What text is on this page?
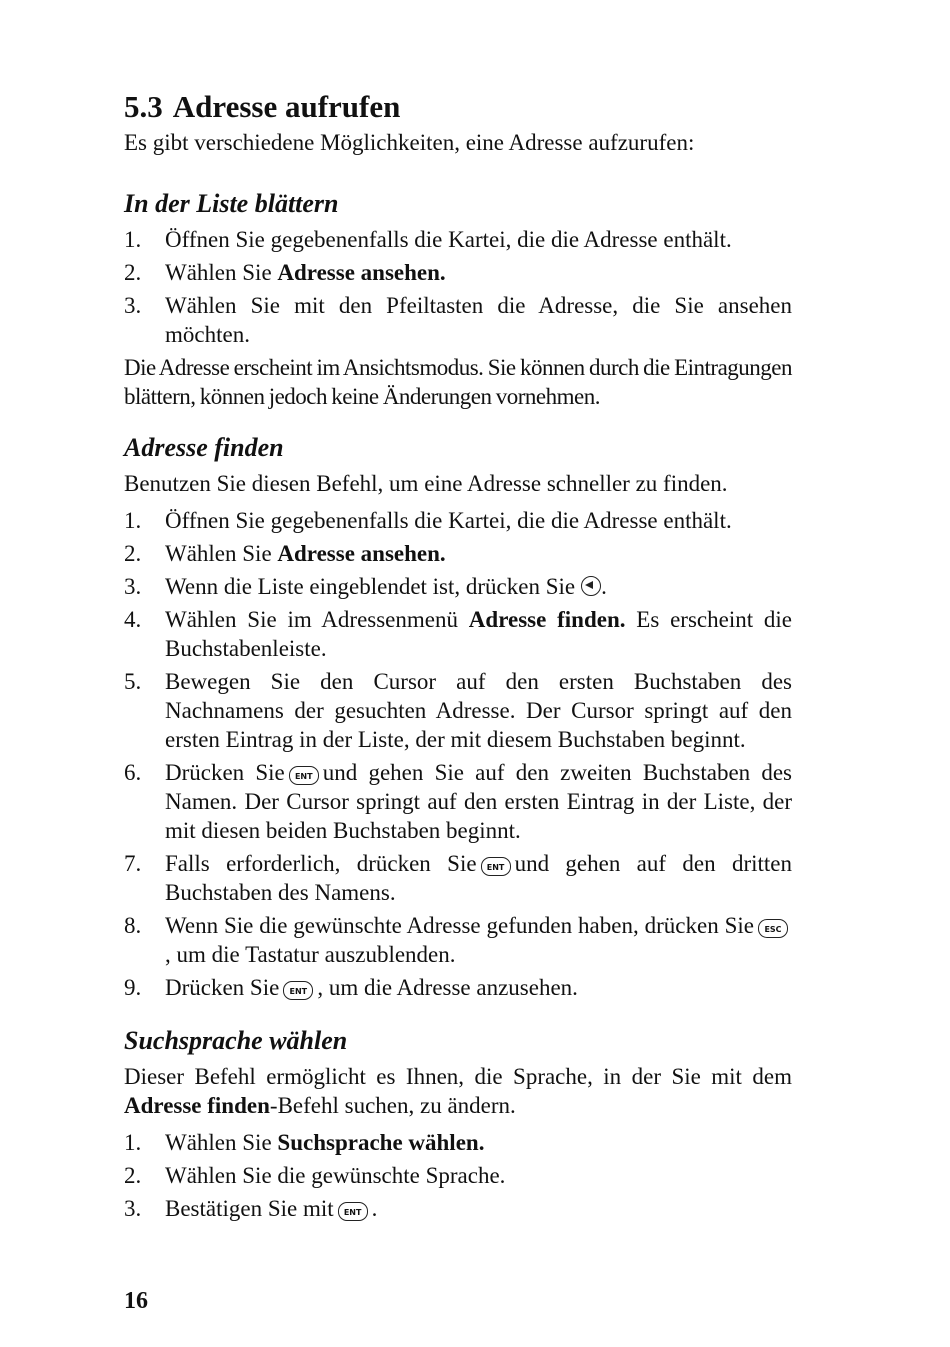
5.3 Adresse aufrufen

Es gibt verschiedene Möglichkeiten, eine Adresse aufzurufen:

In der Liste blättern
1.	Öffnen Sie gegebenenfalls die Kartei, die die Adresse enthält.
2.	Wählen Sie Adresse ansehen.
3.	Wählen Sie mit den Pfeiltasten die Adresse, die Sie ansehen möchten.

Die Adresse erscheint im Ansichtsmodus. Sie können durch die Eintragungen blättern, können jedoch keine Änderungen vornehmen.

Adresse finden

Benutzen Sie diesen Befehl, um eine Adresse schneller zu finden.

1.	Öffnen Sie gegebenenfalls die Kartei, die die Adresse enthält.
2.	Wählen Sie Adresse ansehen.
3.	Wenn die Liste eingeblendet ist, drücken Sie .
4.	Wählen Sie im Adressenmenü Adresse finden. Es erscheint die Buchstabenleiste.
5.	Bewegen Sie den Cursor auf den ersten Buchstaben des Nachnamens der gesuchten Adresse. Der Cursor springt auf den ersten Eintrag in der Liste, der mit diesem Buchstaben beginnt.
6.	Drücken Sie ENT und gehen Sie auf den zweiten Buchstaben des Namen. Der Cursor springt auf den ersten Eintrag in der Liste, der mit diesen beiden Buchstaben beginnt.
7.	Falls erforderlich, drücken Sie ENT und gehen auf den dritten Buchstaben des Namens.
8.	Wenn Sie die gewünschte Adresse gefunden haben, drücken Sie ESC, um die Tastatur auszublenden.
9.	Drücken Sie ENT , um die Adresse anzusehen.
Suchsprache wählen

Dieser Befehl ermöglicht es Ihnen, die Sprache, in der Sie mit dem Adresse finden-Befehl suchen, zu ändern.

1.	Wählen Sie Suchsprache wählen.
2.	Wählen Sie die gewünschte Sprache.
3.	Bestätigen Sie mit ENT .
16
